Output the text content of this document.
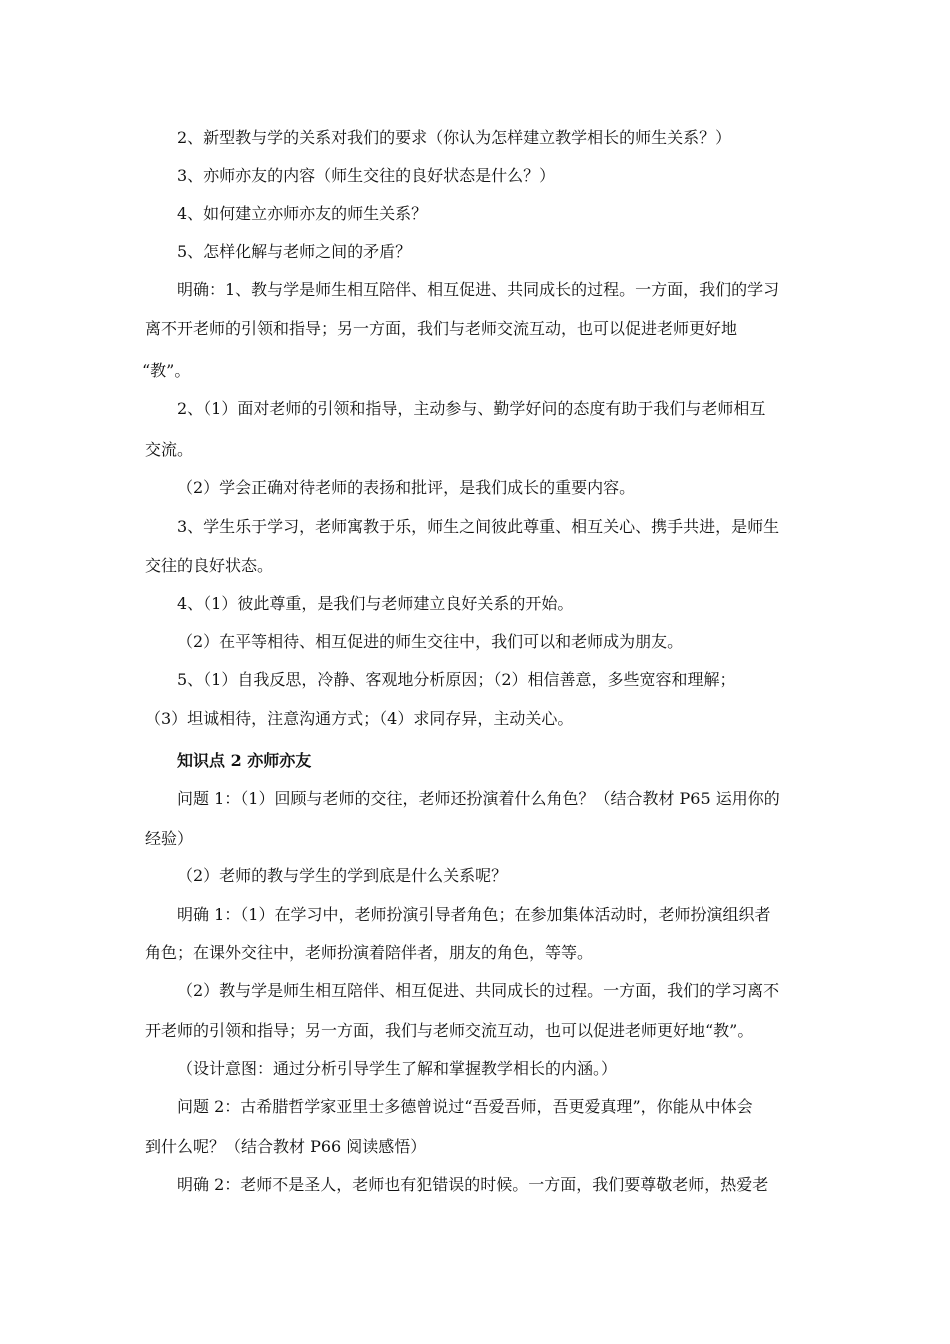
2、新型教与学的关系对我们的要求（你认为怎样建立教学相长的师生关系？）
3、亦师亦友的内容（师生交往的良好状态是什么？）
4、如何建立亦师亦友的师生关系？
5、怎样化解与老师之间的矛盾？
明确：1、教与学是师生相互陪伴、相互促进、共同成长的过程。一方面，我们的学习
离不开老师的引领和指导；另一方面，我们与老师交流互动，也可以促进老师更好地
“教”。
2、（1）面对老师的引领和指导，主动参与、勤学好问的态度有助于我们与老师相互
交流。
（2）学会正确对待老师的表扬和批评，是我们成长的重要内容。
3、学生乐于学习，老师寓教于乐，师生之间彼此尊重、相互关心、携手共进，是师生
交往的良好状态。
4、（1）彼此尊重，是我们与老师建立良好关系的开始。
（2）在平等相待、相互促进的师生交往中，我们可以和老师成为朋友。
5、（1）自我反思，冷静、客观地分析原因；（2）相信善意，多些宽容和理解；
（3）坦诚相待，注意沟通方式；（4）求同存异，主动关心。
知识点 2 亦师亦友
问题 1：（1）回顾与老师的交往，老师还扮演着什么角色？（结合教材 P65 运用你的
经验）
（2）老师的教与学生的学到底是什么关系呢？
明确 1：（1）在学习中，老师扮演引导者角色；在参加集体活动时，老师扮演组织者
角色；在课外交往中，老师扮演着陪伴者，朋友的角色，等等。
（2）教与学是师生相互陪伴、相互促进、共同成长的过程。一方面，我们的学习离不
开老师的引领和指导；另一方面，我们与老师交流互动，也可以促进老师更好地“教”。
（设计意图：通过分析引导学生了解和掌握教学相长的内涵。）
问题 2：古希腊哲学家亚里士多德曾说过“吾爱吾师，吾更爱真理”，你能从中体会
到什么呢？（结合教材 P66 阅读感悟）
明确 2：老师不是圣人，老师也有犯错误的时候。一方面，我们要尊敬老师，热爱老
